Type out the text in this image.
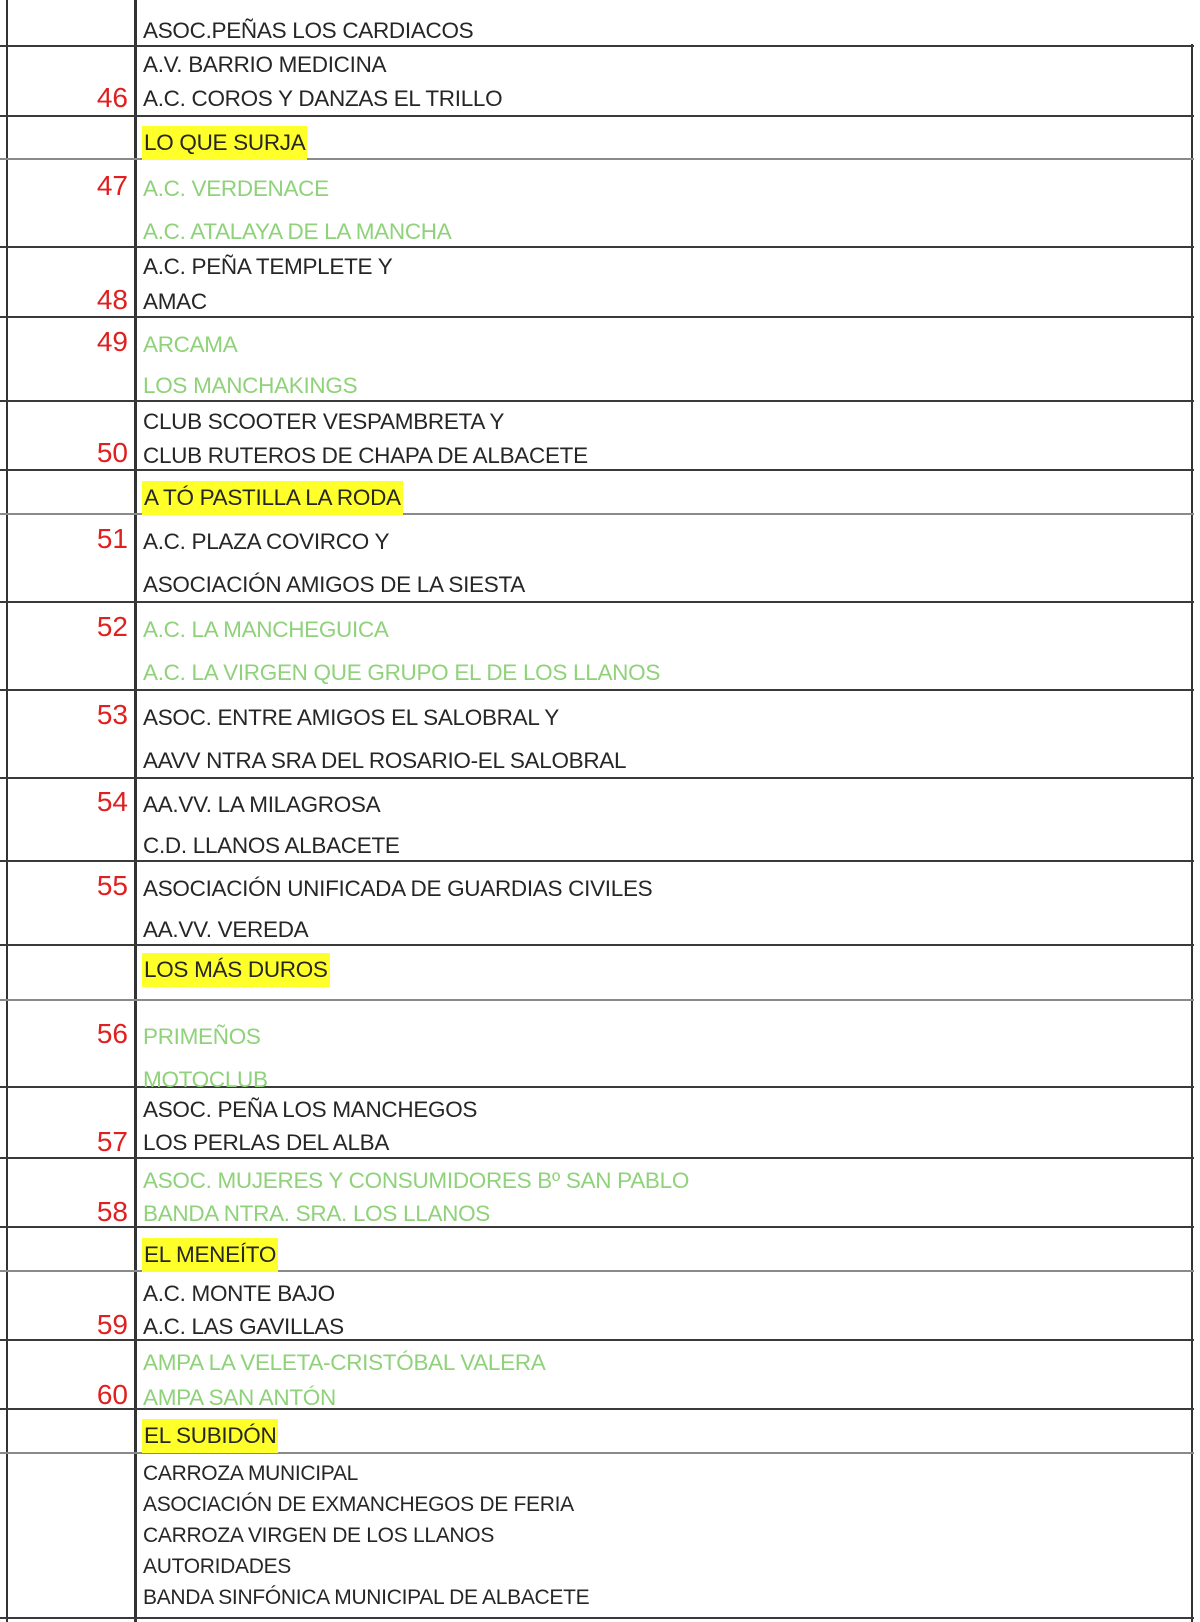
ASOC.PEÑAS LOS CARDIACOS
46
A.V. BARRIO MEDICINA
A.C. COROS Y DANZAS EL TRILLO
LO QUE SURJA
47 A.C. VERDENACE
A.C. ATALAYA DE LA MANCHA
48
A.C. PEÑA TEMPLETE Y
AMAC
49 ARCAMA
LOS MANCHAKINGS
50
CLUB SCOOTER VESPAMBRETA Y
CLUB RUTEROS DE CHAPA DE ALBACETE
A TÓ PASTILLA LA RODA
51 A.C. PLAZA COVIRCO Y
ASOCIACIÓN AMIGOS DE LA SIESTA
52 A.C. LA MANCHEGUICA
A.C. LA VIRGEN QUE GRUPO EL DE LOS LLANOS
53 ASOC. ENTRE AMIGOS EL SALOBRAL Y
AAVV NTRA SRA DEL ROSARIO-EL SALOBRAL
54 AA.VV. LA MILAGROSA
C.D. LLANOS ALBACETE
55 ASOCIACIÓN UNIFICADA DE GUARDIAS CIVILES
AA.VV. VEREDA
LOS MÁS DUROS
56 PRIMEÑOS
MOTOCLUB
57
ASOC. PEÑA LOS MANCHEGOS
LOS PERLAS DEL ALBA
58
ASOC. MUJERES Y CONSUMIDORES Bº SAN PABLO
BANDA NTRA. SRA. LOS LLANOS
EL MENEÍTO
59
A.C. MONTE BAJO
A.C. LAS GAVILLAS
60
AMPA LA VELETA-CRISTÓBAL VALERA
AMPA SAN ANTÓN
EL SUBIDÓN
CARROZA MUNICIPAL
ASOCIACIÓN DE EXMANCHEGOS DE FERIA
CARROZA VIRGEN DE LOS LLANOS
AUTORIDADES
BANDA SINFÓNICA MUNICIPAL DE ALBACETE
